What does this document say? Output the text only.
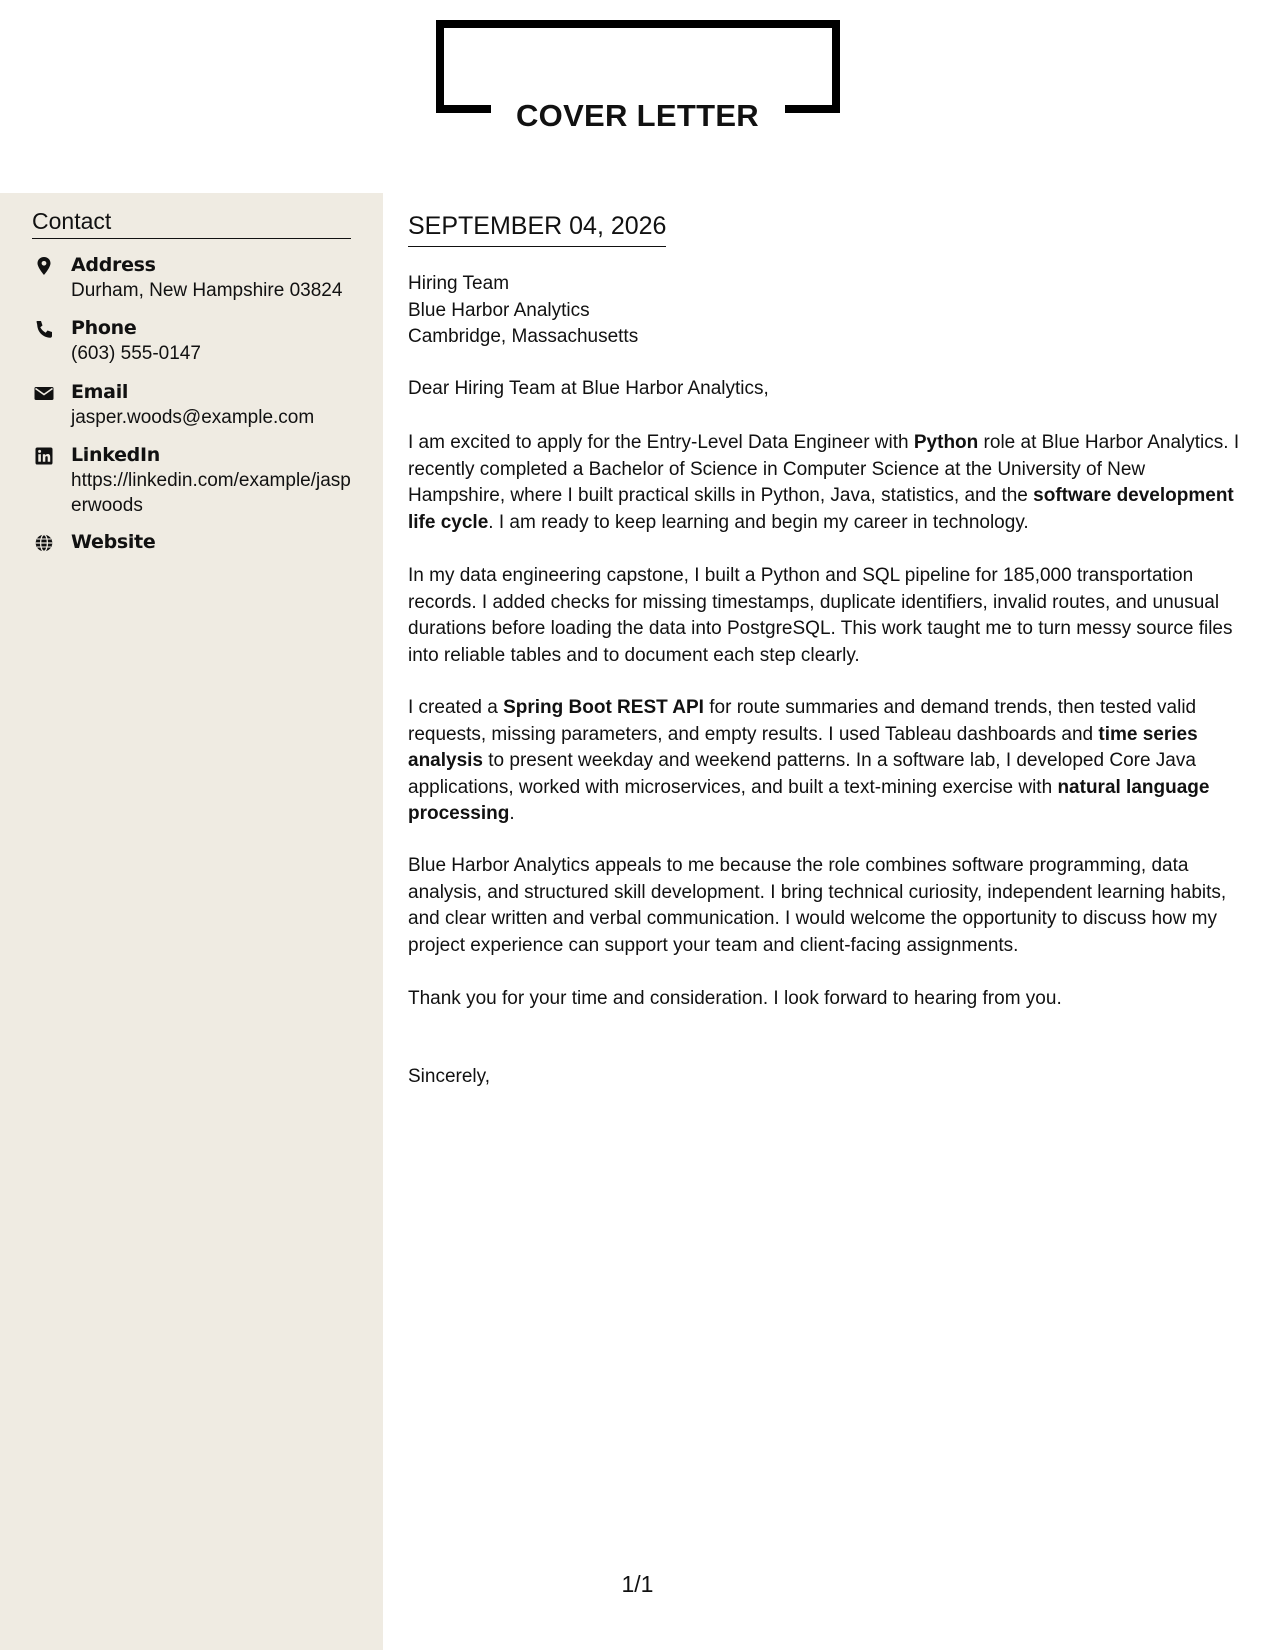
COVER LETTER
Contact
Address
Durham, New Hampshire 03824
Phone
(603) 555-0147
Email
jasper.woods@example.com
LinkedIn
https://linkedin.com/example/jasperwoods
Website
SEPTEMBER 04, 2026
Hiring Team
Blue Harbor Analytics
Cambridge, Massachusetts
Dear Hiring Team at Blue Harbor Analytics,

I am excited to apply for the Entry-Level Data Engineer with Python role at Blue Harbor Analytics. I recently completed a Bachelor of Science in Computer Science at the University of New Hampshire, where I built practical skills in Python, Java, statistics, and the software development life cycle. I am ready to keep learning and begin my career in technology.

In my data engineering capstone, I built a Python and SQL pipeline for 185,000 transportation records. I added checks for missing timestamps, duplicate identifiers, invalid routes, and unusual durations before loading the data into PostgreSQL. This work taught me to turn messy source files into reliable tables and to document each step clearly.

I created a Spring Boot REST API for route summaries and demand trends, then tested valid requests, missing parameters, and empty results. I used Tableau dashboards and time series analysis to present weekday and weekend patterns. In a software lab, I developed Core Java applications, worked with microservices, and built a text-mining exercise with natural language processing.

Blue Harbor Analytics appeals to me because the role combines software programming, data analysis, and structured skill development. I bring technical curiosity, independent learning habits, and clear written and verbal communication. I would welcome the opportunity to discuss how my project experience can support your team and client-facing assignments.

Thank you for your time and consideration. I look forward to hearing from you.

Sincerely,
1/1
